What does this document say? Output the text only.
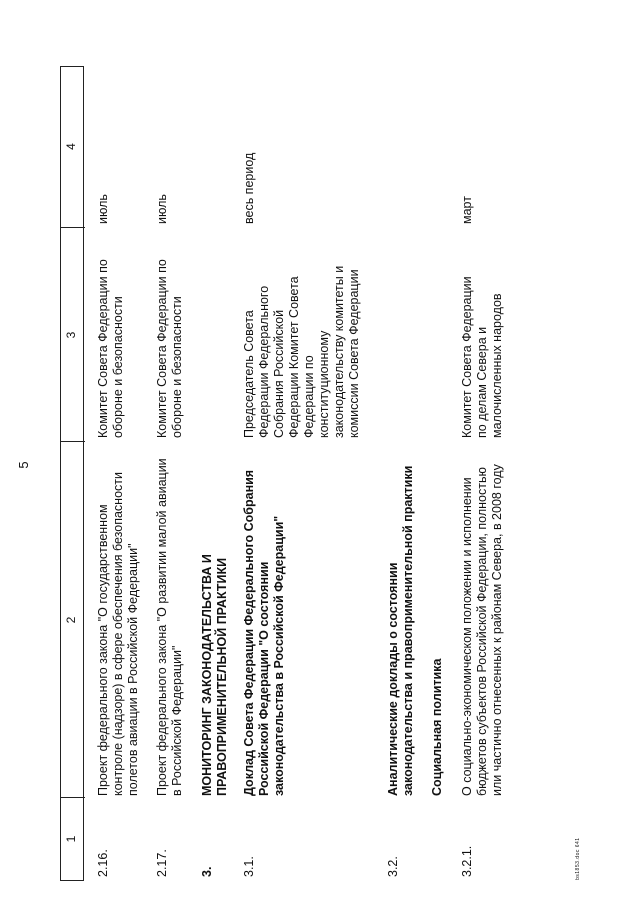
5
1
2
3
4
2.16.
Проект федерального закона "О государственном контроле (надзоре) в сфере обеспечения безопасности полетов авиации в Российской Федерации"
Комитет Совета Федерации по обороне и безопасности
июль
2.17.
Проект федерального закона "О развитии малой авиации в Российской Федерации"
Комитет Совета Федерации по обороне и безопасности
июль
3.
МОНИТОРИНГ ЗАКОНОДАТЕЛЬСТВА И ПРАВОПРИМЕНИТЕЛЬНОЙ ПРАКТИКИ
3.1.
Доклад Совета Федерации Федерального Собрания Российской Федерации "О состоянии законодательства в Российской Федерации"
Председатель Совета Федерации Федерального Собрания Российской Федерации Комитет Совета Федерации по конституционному законодательству комитеты и комиссии Совета Федерации
весь период
3.2.
Аналитические доклады о состоянии законодательства и правоприменительной практики Социальная политика
3.2.1.
О социально-экономическом положении и исполнении бюджетов субъектов Российской Федерации, полностью или частично отнесенных к районам Севера, в 2008 году
Комитет Совета Федерации по делам Севера и малочисленных народов
март
bs1853.doc 641
